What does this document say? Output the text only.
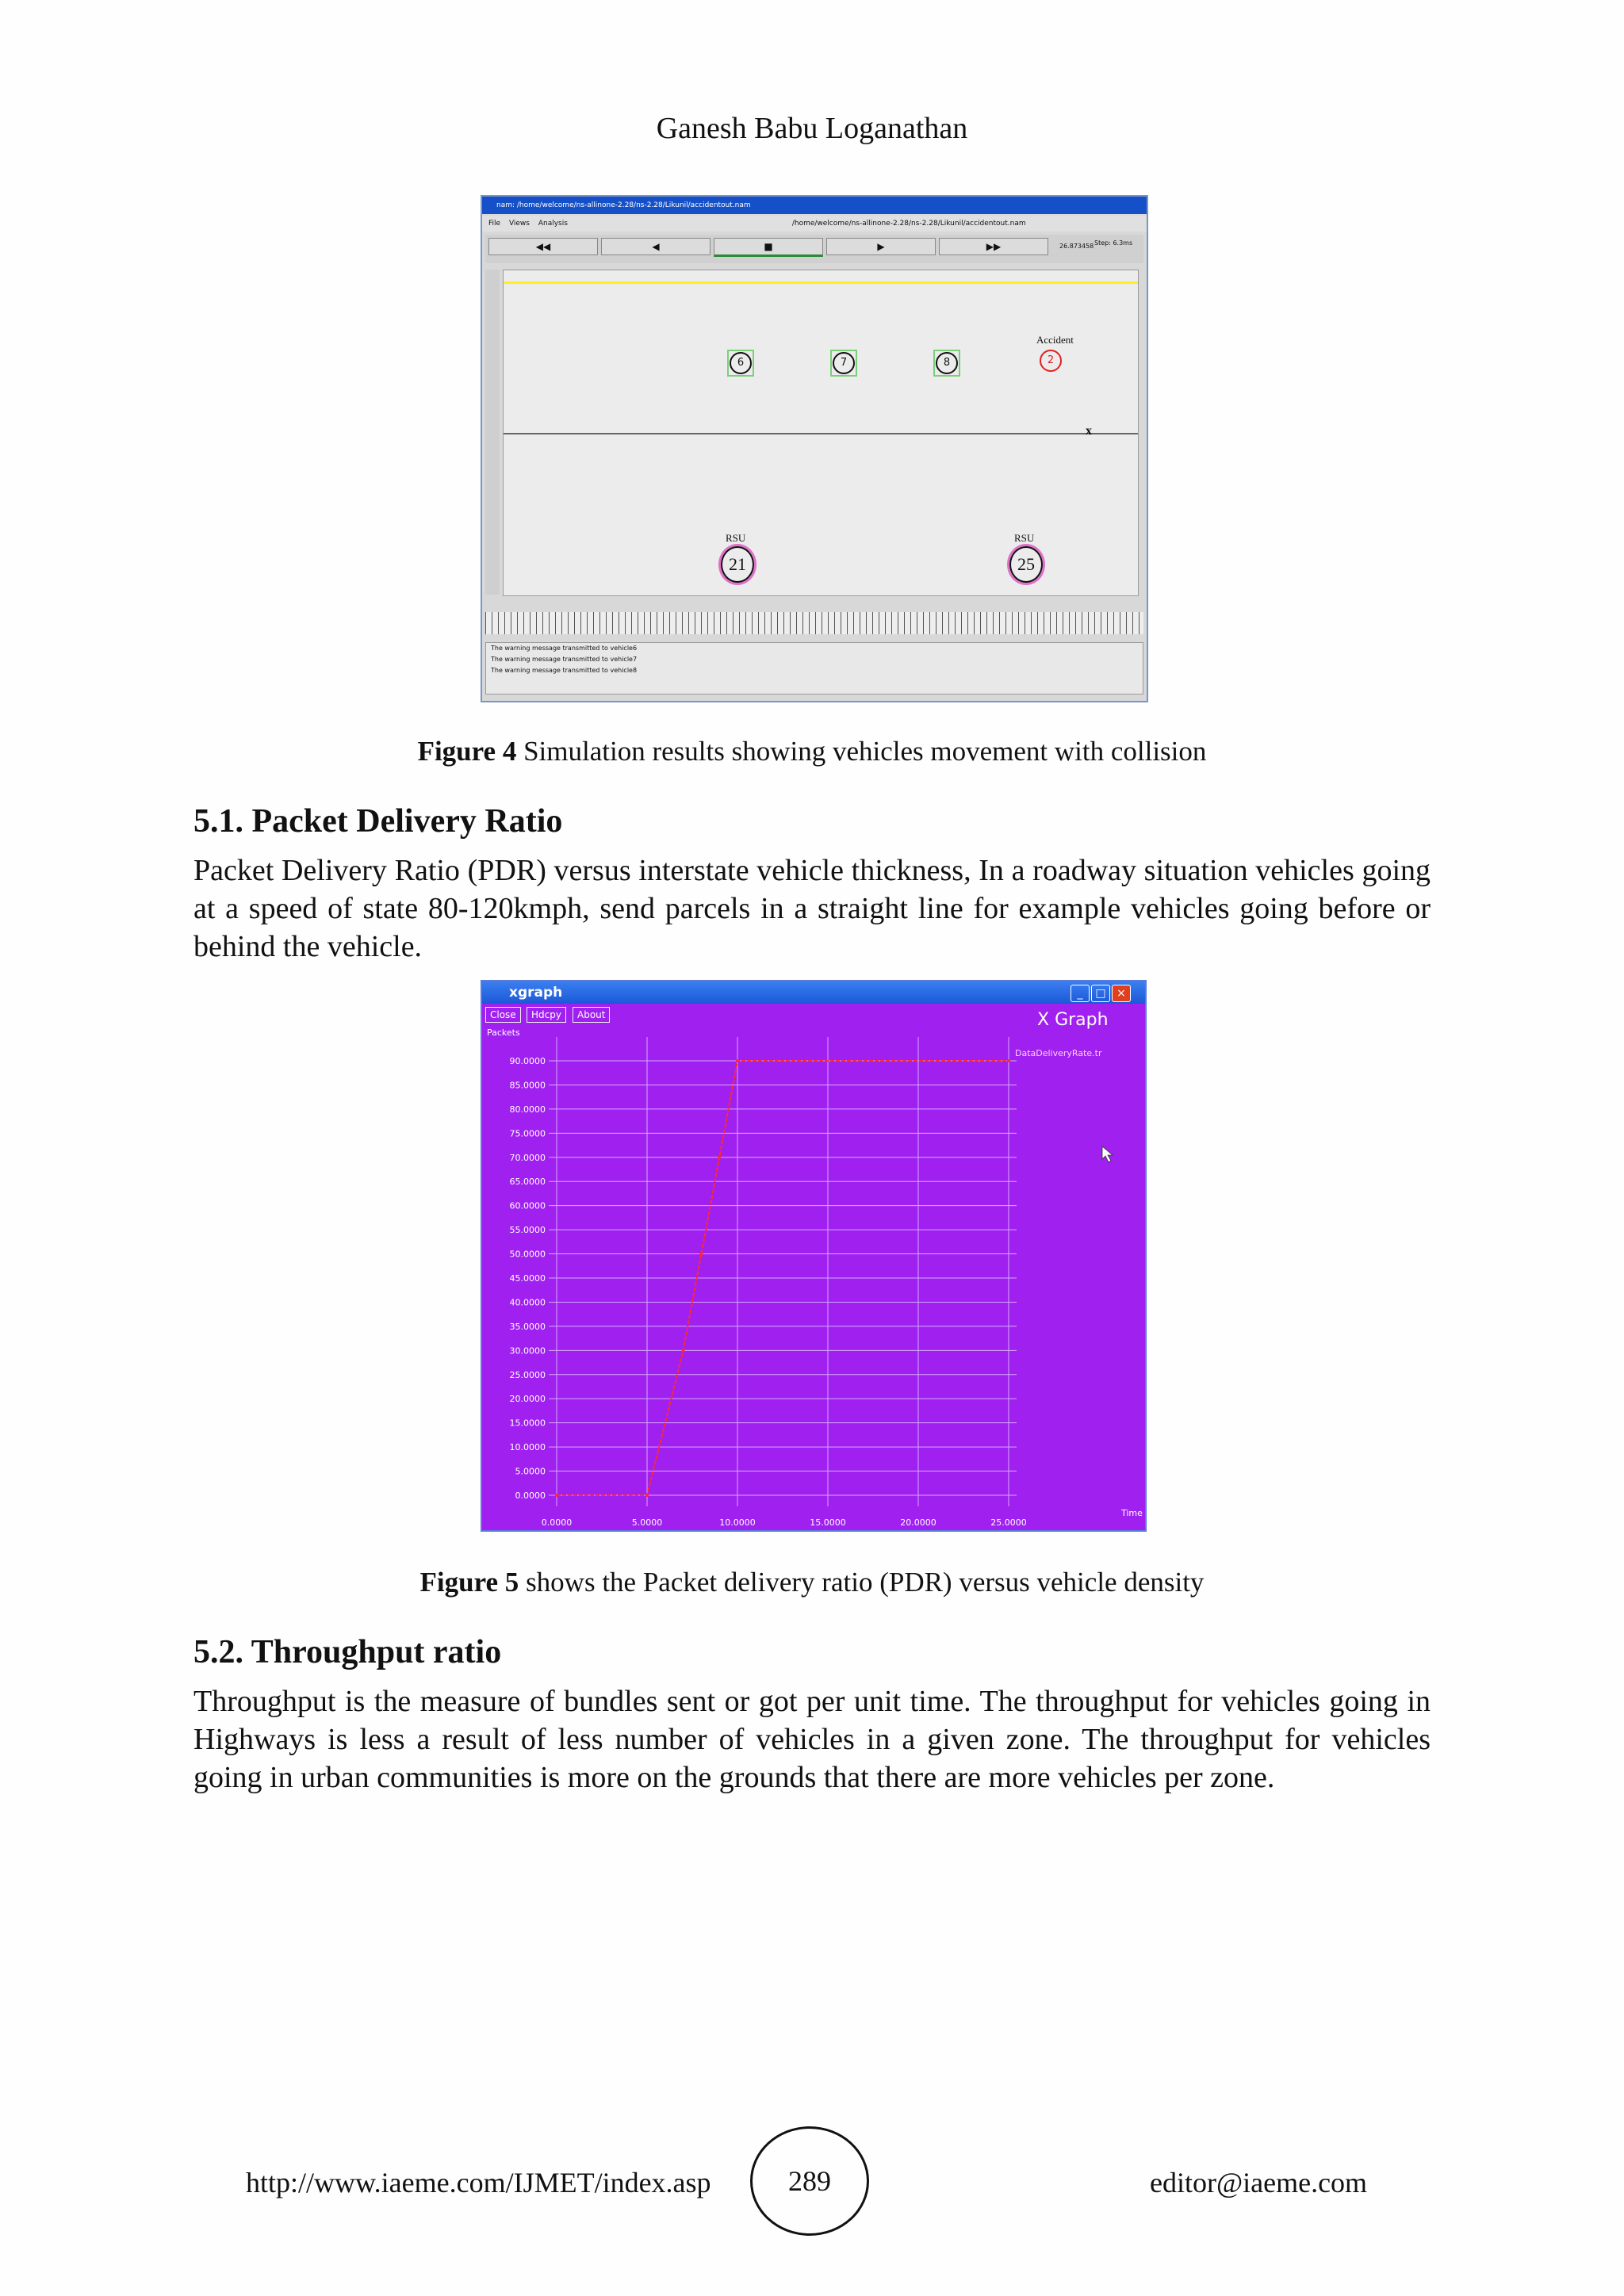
Ganesh Babu Loganathan
nam: /home/welcome/ns-allinone-2.28/ns-2.28/Likunil/accidentout.nam
File Views Analysis	/home/welcome/ns-allinone-2.28/ns-2.28/Likunil/accidentout.nam
◀◀	◀	■	▶	▶▶	26.873458 Step: 6.3ms
6	7	8
Accident
2
x
RSU
21
RSU
25
The warning message transmitted to vehicle6
The warning message transmitted to vehicle7
The warning message transmitted to vehicle8
Figure 4 Simulation results showing vehicles movement with collision
5.1. Packet Delivery Ratio
Packet Delivery Ratio (PDR) versus interstate vehicle thickness, In a roadway situation vehicles going at a speed of state 80-120kmph, send parcels in a straight line for example vehicles going before or behind the vehicle.
xgraph	_	□ ×
Close	Hdcpy	About	X Graph
0.0000
5.0000
10.0000
15.0000
20.0000
25.0000
30.0000
35.0000
40.0000
45.0000
50.0000
55.0000
60.0000
65.0000
70.0000
75.0000
80.0000
85.0000
90.0000
0.0000	5.0000	10.0000	15.0000	20.0000	25.0000
Packets
Time
DataDeliveryRate.tr
Figure 5 shows the Packet delivery ratio (PDR) versus vehicle density
5.2. Throughput ratio
Throughput is the measure of bundles sent or got per unit time. The throughput for vehicles going in Highways is less a result of less number of vehicles in a given zone. The throughput for vehicles going in urban communities is more on the grounds that there are more vehicles per zone.
http://www.iaeme.com/IJMET/index.asp	289	editor@iaeme.com
